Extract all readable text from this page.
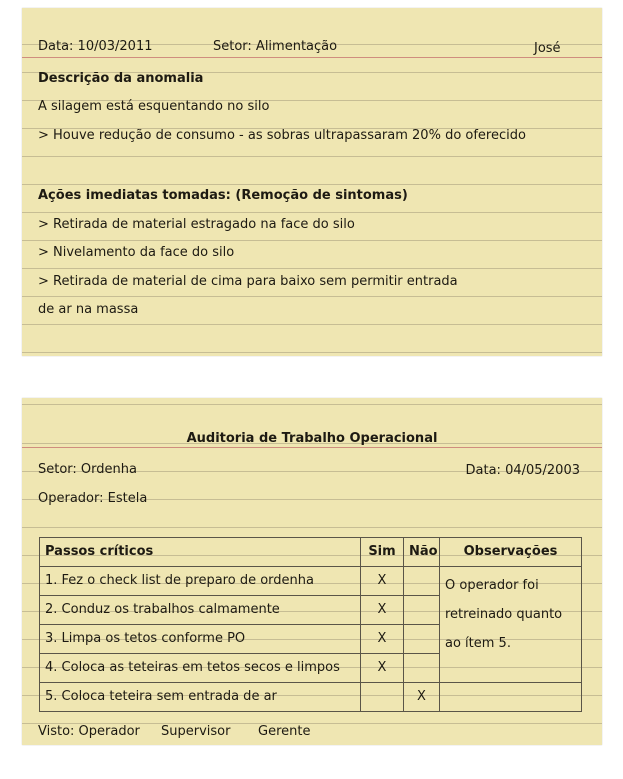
Data: 10/03/2011	Setor: Alimentação	José
Descrição da anomalia
A silagem está esquentando no silo
> Houve redução de consumo - as sobras ultrapassaram 20% do oferecido
Ações imediatas tomadas: (Remoção de sintomas)
> Retirada de material estragado na face do silo
> Nivelamento da face do silo
> Retirada de material de cima para baixo sem permitir entrada
de ar na massa
Auditoria de Trabalho Operacional
Setor: Ordenha	Data: 04/05/2003
Operador: Estela
Passos críticos	Sim	Não	Observações
1. Fez o check list de preparo de ordenha	X		O operador foi retreinado quanto ao ítem 5.
2. Conduz os trabalhos calmamente	X		
3. Limpa os tetos conforme PO	X		
4. Coloca as teteiras em tetos secos e limpos	X		
5. Coloca teteira sem entrada de ar		X	
Visto: Operador Supervisor Gerente
